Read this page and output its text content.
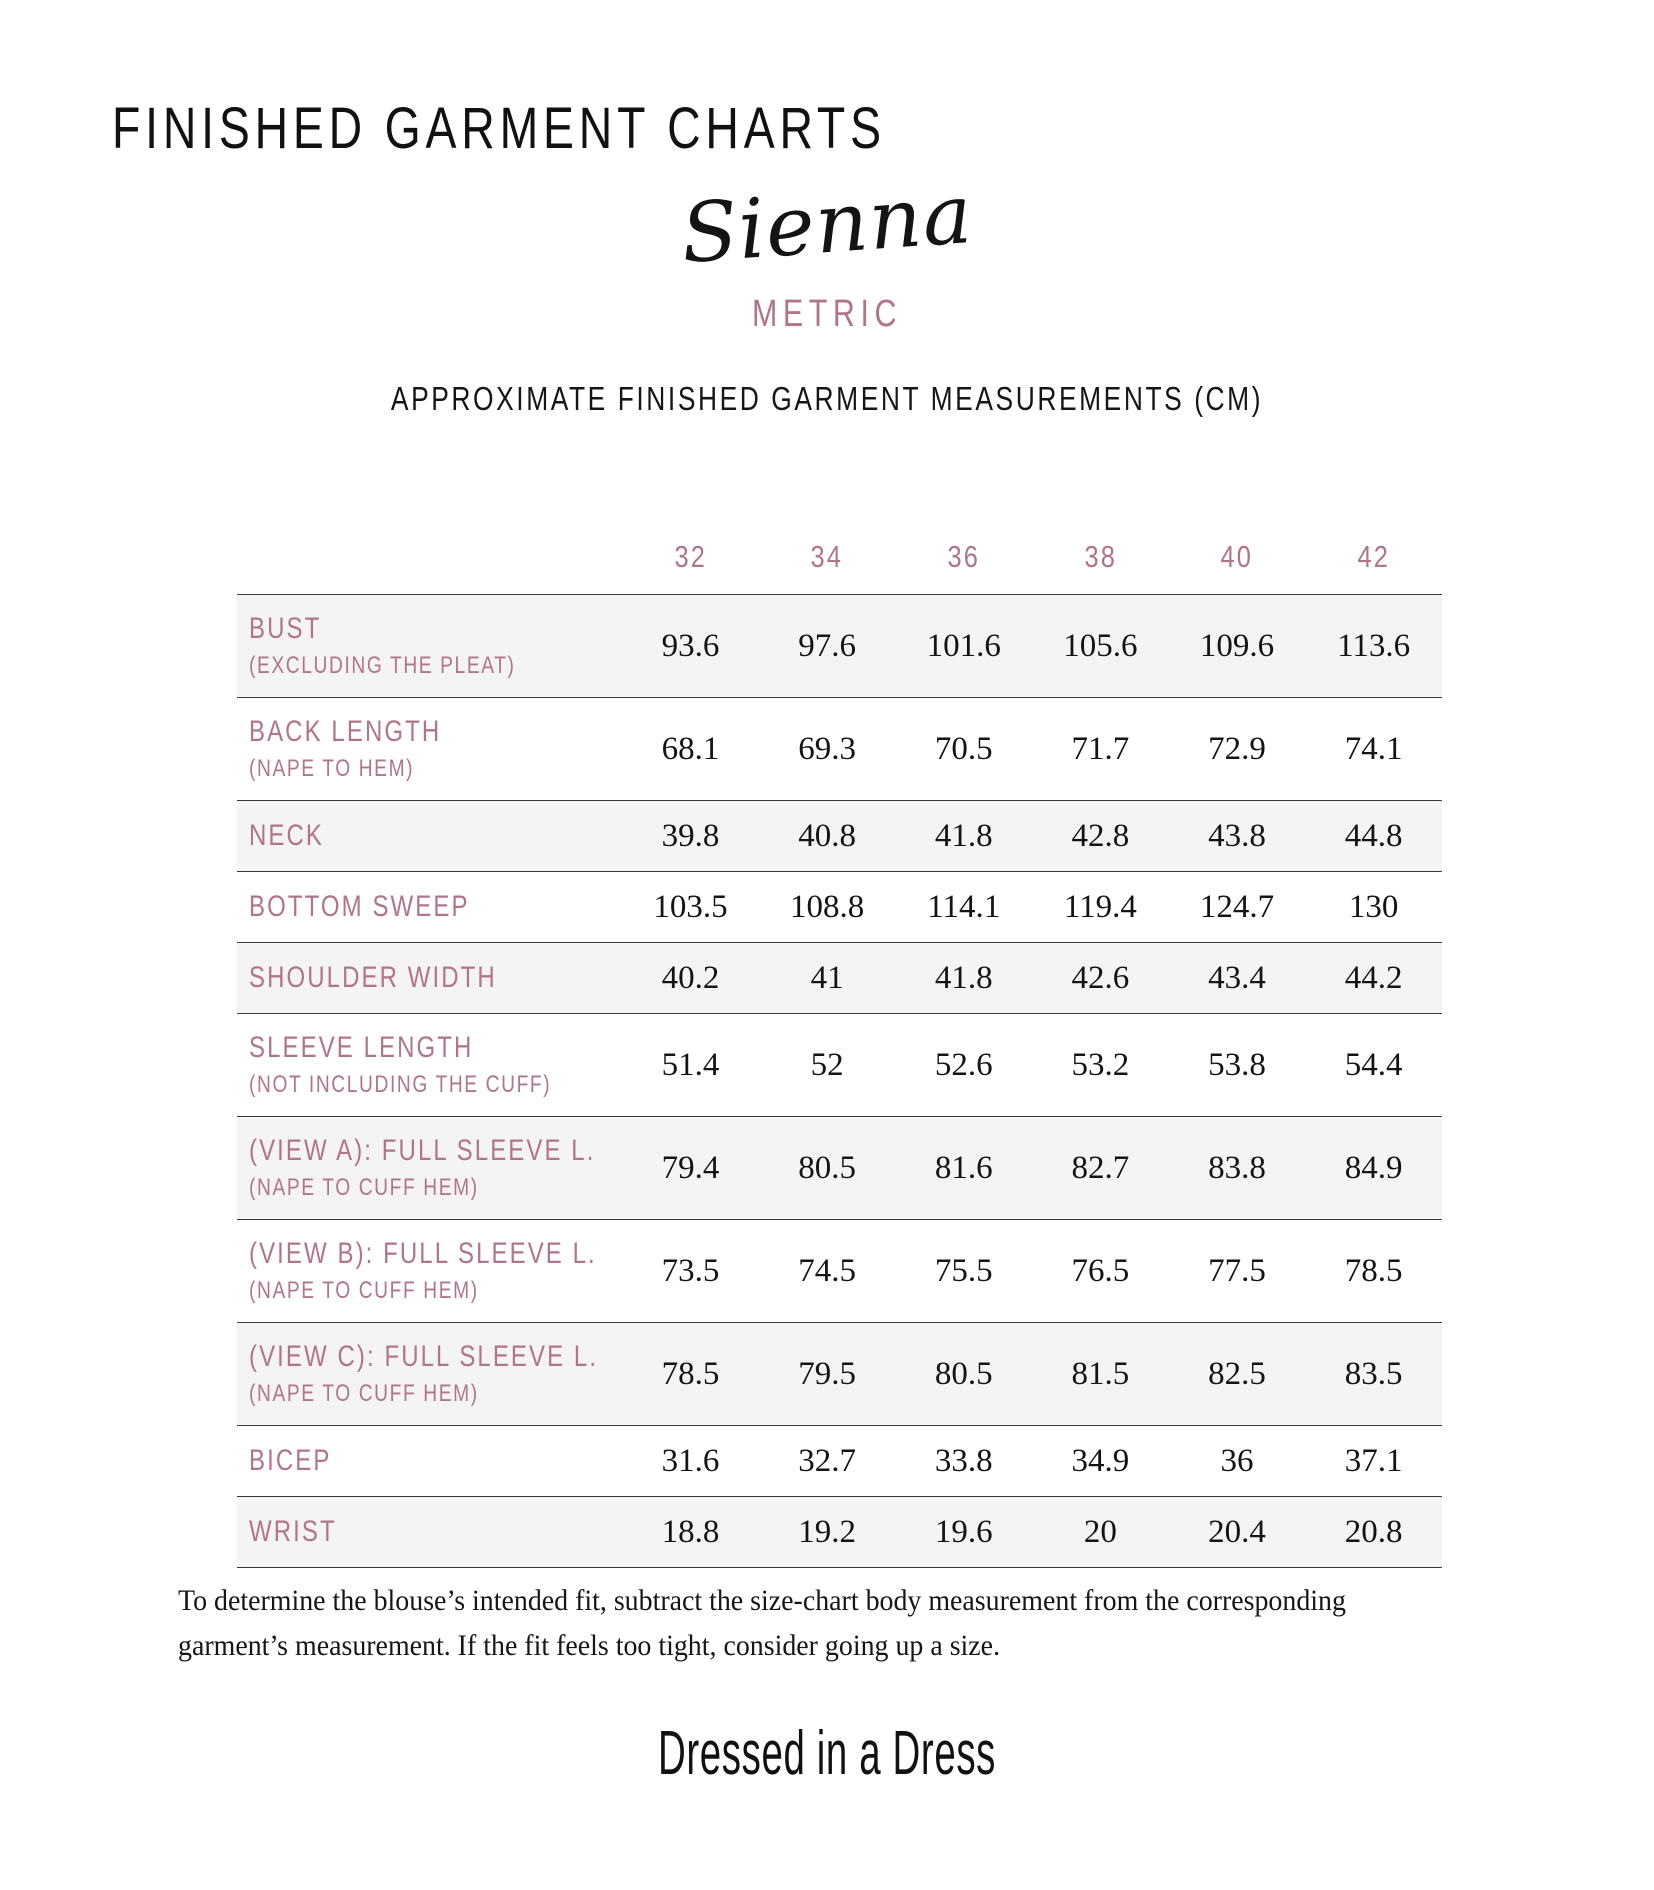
FINISHED GARMENT CHARTS
Sienna
METRIC
APPROXIMATE FINISHED GARMENT MEASUREMENTS (CM)
	32	34	36	38	40	42

BUST
(EXCLUDING THE PLEAT)	93.6	97.6	101.6	105.6	109.6	113.6

BACK LENGTH
(NAPE TO HEM)	68.1	69.3	70.5	71.7	72.9	74.1

NECK	39.8	40.8	41.8	42.8	43.8	44.8

BOTTOM SWEEP	103.5	108.8	114.1	119.4	124.7	130

SHOULDER WIDTH	40.2	41	41.8	42.6	43.4	44.2

SLEEVE LENGTH
(NOT INCLUDING THE CUFF)	51.4	52	52.6	53.2	53.8	54.4

(VIEW A): FULL SLEEVE L.
(NAPE TO CUFF HEM)	79.4	80.5	81.6	82.7	83.8	84.9

(VIEW B): FULL SLEEVE L.
(NAPE TO CUFF HEM)	73.5	74.5	75.5	76.5	77.5	78.5

(VIEW C): FULL SLEEVE L.
(NAPE TO CUFF HEM)	78.5	79.5	80.5	81.5	82.5	83.5

BICEP	31.6	32.7	33.8	34.9	36	37.1

WRIST	18.8	19.2	19.6	20	20.4	20.8
To determine the blouse’s intended fit, subtract the size-chart body measurement from the corresponding garment’s measurement. If the fit feels too tight, consider going up a size.
Dressed in a Dress
